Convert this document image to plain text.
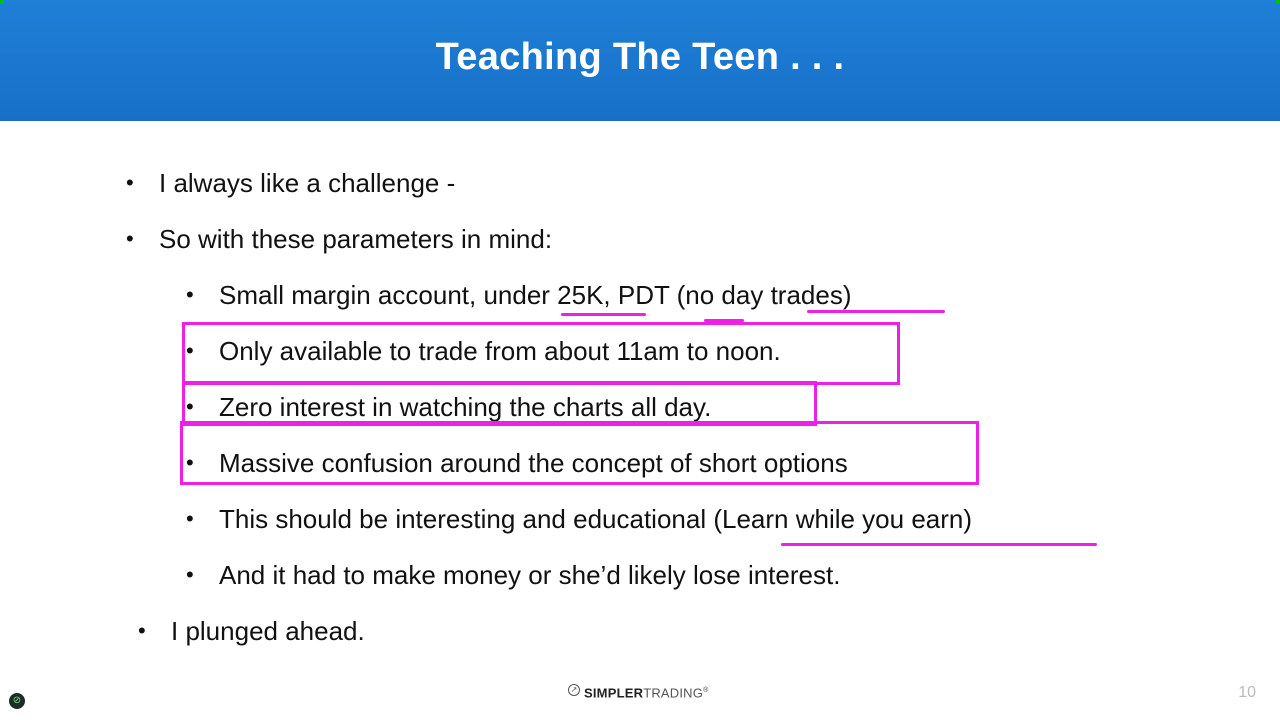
Teaching The Teen . . .
• I always like a challenge -
• So with these parameters in mind:
• Small margin account, under 25K, PDT (no day trades)
• Only available to trade from about 11am to noon.
• Zero interest in watching the charts all day.
• Massive confusion around the concept of short options
• This should be interesting and educational (Learn while you earn)
• And it had to make money or she’d likely lose interest.
• I plunged ahead.
↗ SIMPLERTRADING®	10
⊘
